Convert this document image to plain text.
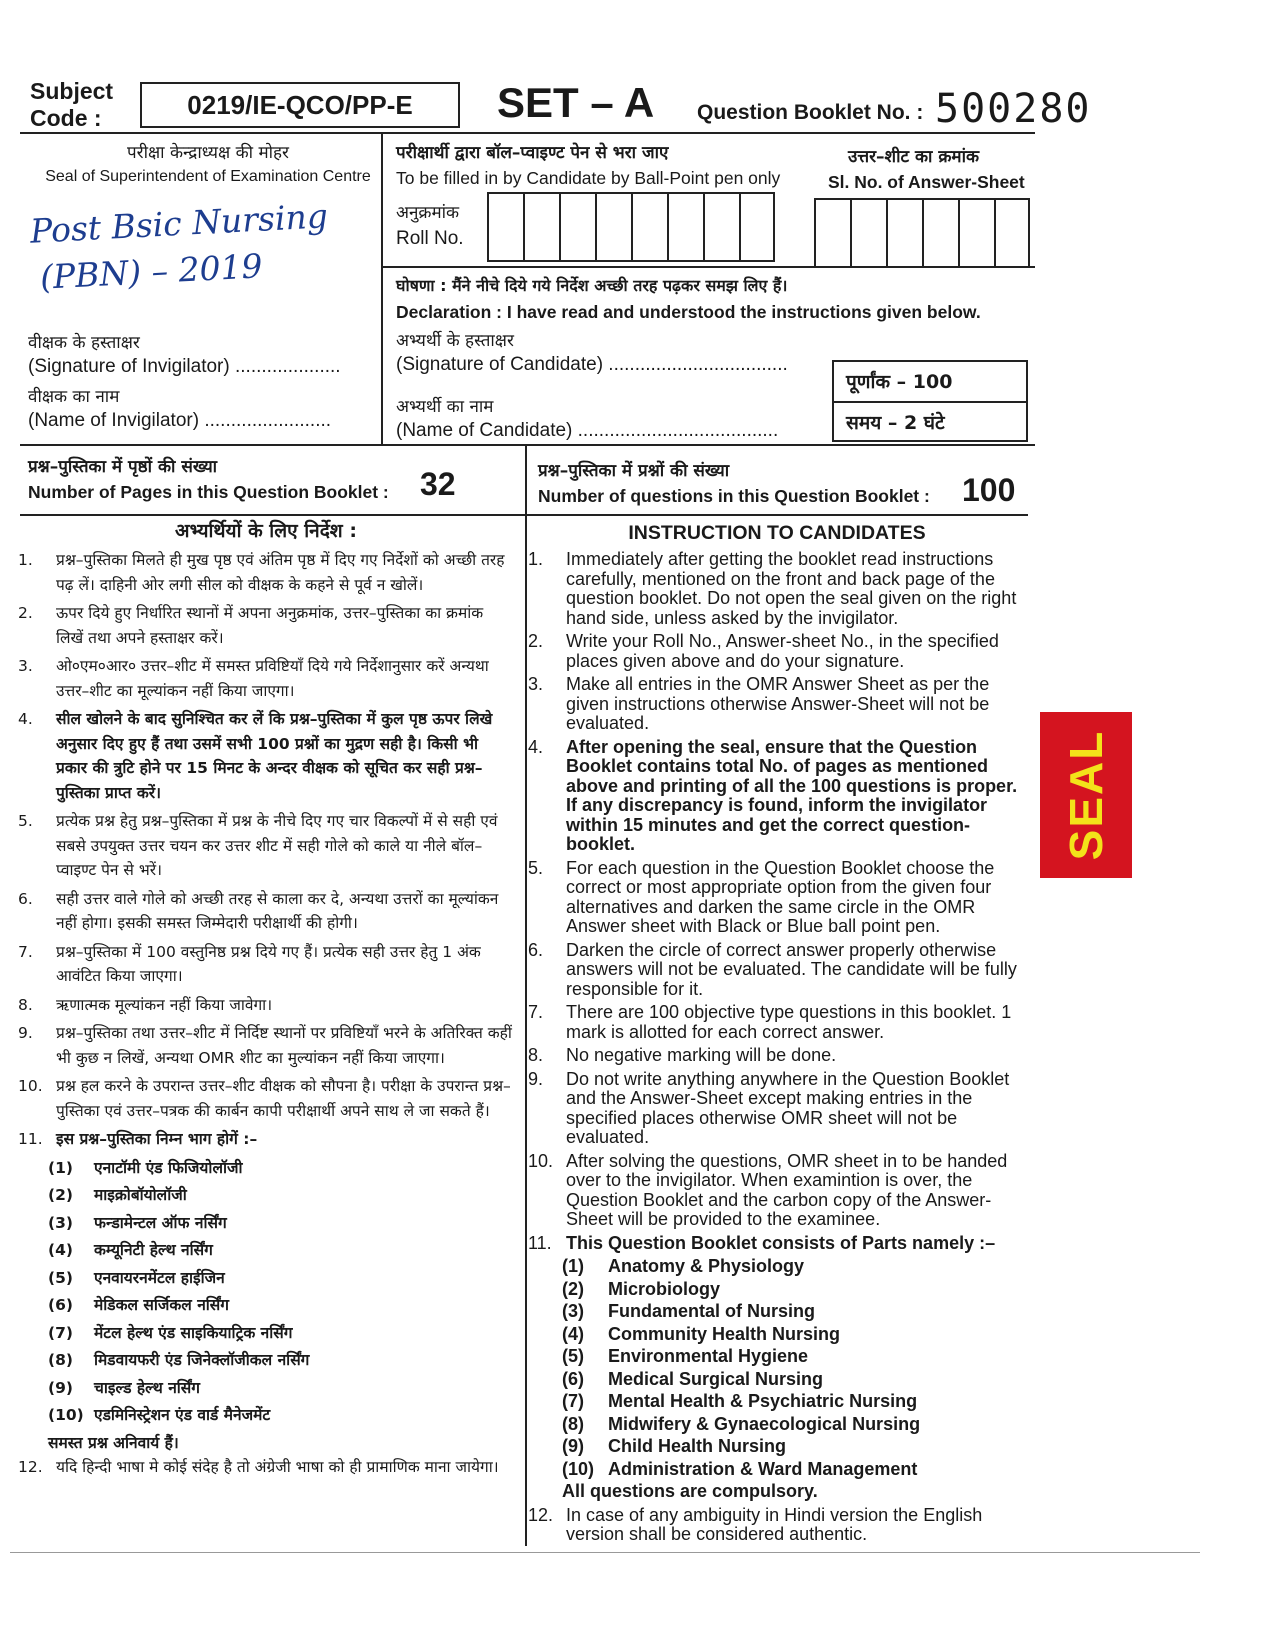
Subject
Code :	0219/IE-QCO/PP-E	SET – A Question Booklet No. : 500280
परीक्षा केन्द्राध्यक्ष की मोहर
Seal of Superintendent of Examination Centre
Post Bsic Nursing
(PBN) – 2019
वीक्षक के हस्ताक्षर
(Signature of Invigilator) ....................
वीक्षक का नाम
(Name of Invigilator) ........................
परीक्षार्थी द्वारा बॉल–प्वाइण्ट पेन से भरा जाए
To be filled in by Candidate by Ball-Point pen only
अनुक्रमांक
Roll No.
उत्तर–शीट का क्रमांक
Sl. No. of Answer-Sheet
घोषणा : मैंने नीचे दिये गये निर्देश अच्छी तरह पढ़कर समझ लिए हैं।
Declaration : I have read and understood the instructions given below.
अभ्यर्थी के हस्ताक्षर
(Signature of Candidate) ..................................
अभ्यर्थी का नाम
(Name of Candidate) ......................................
पूर्णांक – 100
समय – 2 घंटे
प्रश्न–पुस्तिका में पृष्ठों की संख्या
Number of Pages in this Question Booklet : 32	प्रश्न–पुस्तिका में प्रश्नों की संख्या
Number of questions in this Question Booklet : 100
अभ्यर्थियों के लिए निर्देश :
1.	प्रश्न–पुस्तिका मिलते ही मुख पृष्ठ एवं अंतिम पृष्ठ में दिए गए निर्देशों को अच्छी तरह पढ़ लें। दाहिनी ओर लगी सील को वीक्षक के कहने से पूर्व न खोलें।
2.	ऊपर दिये हुए निर्धारित स्थानों में अपना अनुक्रमांक, उत्तर–पुस्तिका का क्रमांक लिखें तथा अपने हस्ताक्षर करें।
3.	ओ०एम०आर० उत्तर–शीट में समस्त प्रविष्टियाँ दिये गये निर्देशानुसार करें अन्यथा उत्तर–शीट का मूल्यांकन नहीं किया जाएगा।
4.	सील खोलने के बाद सुनिश्चित कर लें कि प्रश्न–पुस्तिका में कुल पृष्ठ ऊपर लिखे अनुसार दिए हुए हैं तथा उसमें सभी 100 प्रश्नों का मुद्रण सही है। किसी भी प्रकार की त्रुटि होने पर 15 मिनट के अन्दर वीक्षक को सूचित कर सही प्रश्न–पुस्तिका प्राप्त करें।
5.	प्रत्येक प्रश्न हेतु प्रश्न–पुस्तिका में प्रश्न के नीचे दिए गए चार विकल्पों में से सही एवं सबसे उपयुक्त उत्तर चयन कर उत्तर शीट में सही गोले को काले या नीले बॉल–प्वाइण्ट पेन से भरें।
6.	सही उत्तर वाले गोले को अच्छी तरह से काला कर दे, अन्यथा उत्तरों का मूल्यांकन नहीं होगा। इसकी समस्त जिम्मेदारी परीक्षार्थी की होगी।
7.	प्रश्न–पुस्तिका में 100 वस्तुनिष्ठ प्रश्न दिये गए हैं। प्रत्येक सही उत्तर हेतु 1 अंक आवंटित किया जाएगा।
8.	ऋणात्मक मूल्यांकन नहीं किया जावेगा।
9.	प्रश्न–पुस्तिका तथा उत्तर–शीट में निर्दिष्ट स्थानों पर प्रविष्टियाँ भरने के अतिरिक्त कहीं भी कुछ न लिखें, अन्यथा OMR शीट का मुल्यांकन नहीं किया जाएगा।
10. प्रश्न हल करने के उपरान्त उत्तर–शीट वीक्षक को सौपना है। परीक्षा के उपरान्त प्रश्न–पुस्तिका एवं उत्तर–पत्रक की कार्बन कापी परीक्षार्थी अपने साथ ले जा सकते हैं।
11. इस प्रश्न–पुस्तिका निम्न भाग होगें :–
(1)	एनाटॉमी एंड फिजियोलॉजी
(2)	माइक्रोबॉयोलॉजी
(3)	फन्डामेन्टल ऑफ नर्सिंग
(4)	कम्यूनिटी हेल्थ नर्सिंग
(5)	एनवायरनमेंटल हाईजिन
(6)	मेडिकल सर्जिकल नर्सिंग
(7)	मेंटल हेल्थ एंड साइकियाट्रिक नर्सिंग
(8)	मिडवायफरी एंड जिनेक्लॉजीकल नर्सिंग
(9)	चाइल्ड हेल्थ नर्सिंग
(10) एडमिनिस्ट्रेशन एंड वार्ड मैनेजमेंट
समस्त प्रश्न अनिवार्य हैं।
12. यदि हिन्दी भाषा मे कोई संदेह है तो अंग्रेजी भाषा को ही प्रामाणिक माना जायेगा।
INSTRUCTION TO CANDIDATES
1.	Immediately after getting the booklet read instructions carefully, mentioned on the front and back page of the question booklet. Do not open the seal given on the right hand side, unless asked by the invigilator.
2.	Write your Roll No., Answer-sheet No., in the specified places given above and do your signature.
3.	Make all entries in the OMR Answer Sheet as per the given instructions otherwise Answer-Sheet will not be evaluated.
4.	After opening the seal, ensure that the Question Booklet contains total No. of pages as mentioned above and printing of all the 100 questions is proper. If any discrepancy is found, inform the invigilator within 15 minutes and get the correct question-booklet.
5.	For each question in the Question Booklet choose the correct or most appropriate option from the given four alternatives and darken the same circle in the OMR Answer sheet with Black or Blue ball point pen.
6.	Darken the circle of correct answer properly otherwise answers will not be evaluated. The candidate will be fully responsible for it.
7.	There are 100 objective type questions in this booklet. 1 mark is allotted for each correct answer.
8.	No negative marking will be done.
9.	Do not write anything anywhere in the Question Booklet and the Answer-Sheet except making entries in the specified places otherwise OMR sheet will not be evaluated.
10. After solving the questions, OMR sheet in to be handed over to the invigilator. When examintion is over, the Question Booklet and the carbon copy of the Answer-Sheet will be provided to the examinee.
11. This Question Booklet consists of Parts namely :–
(1)	Anatomy & Physiology
(2)	Microbiology
(3)	Fundamental of Nursing
(4)	Community Health Nursing
(5)	Environmental Hygiene
(6)	Medical Surgical Nursing
(7)	Mental Health & Psychiatric Nursing
(8)	Midwifery & Gynaecological Nursing
(9)	Child Health Nursing
(10) Administration & Ward Management
All questions are compulsory.
12. In case of any ambiguity in Hindi version the English version shall be considered authentic.
SEAL
